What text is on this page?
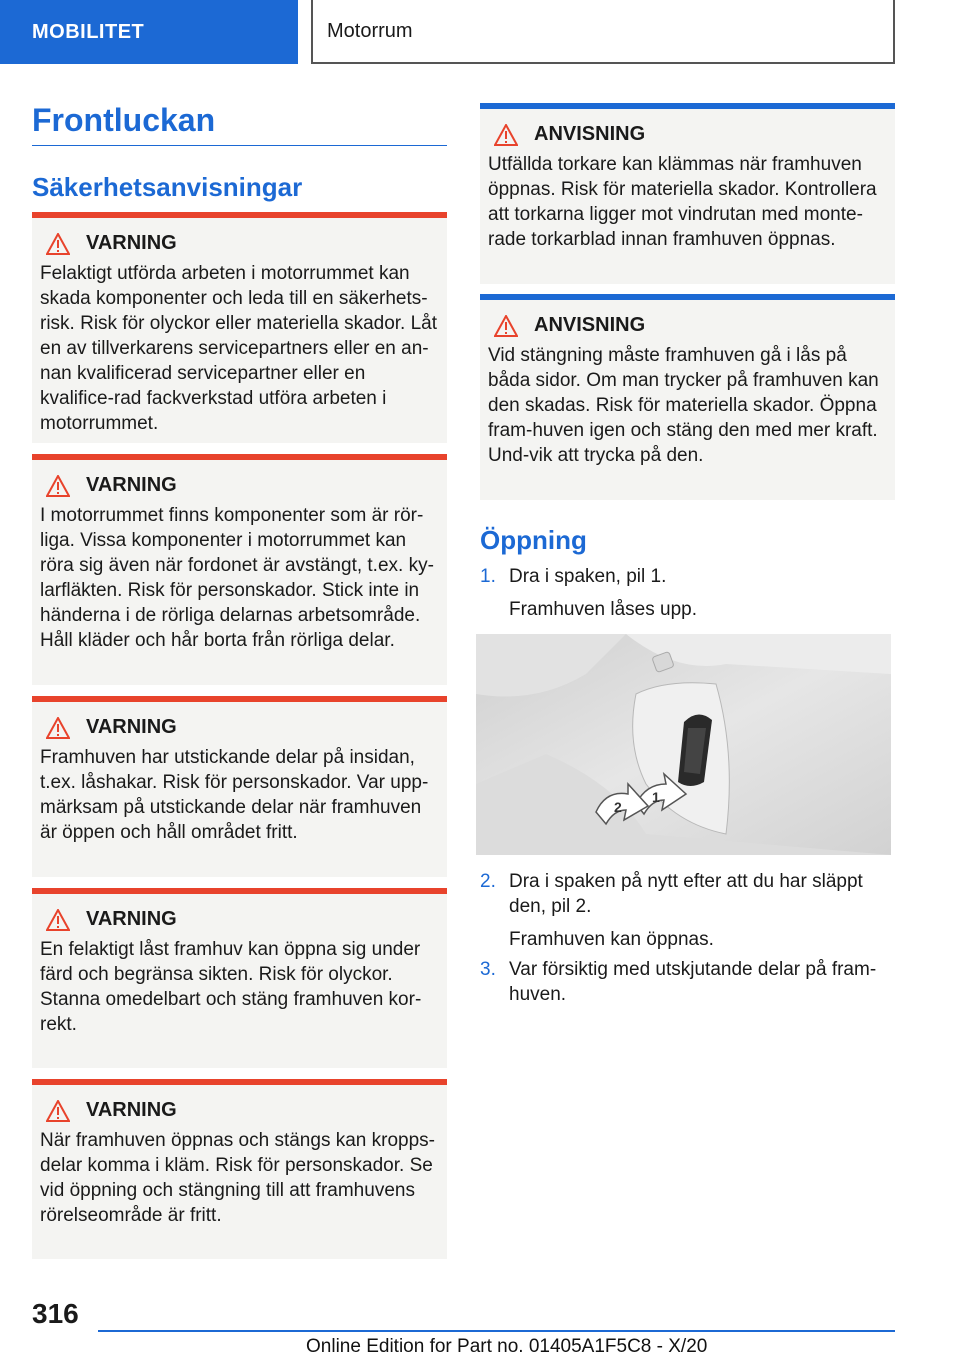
MOBILITET	Motorrum
Frontluckan
Säkerhetsanvisningar
VARNING
Felaktigt utförda arbeten i motorrummet kan skada komponenter och leda till en säkerhets-risk. Risk för olyckor eller materiella skador. Låt en av tillverkarens servicepartners eller en an-nan kvalificerad servicepartner eller en kvalifice-rad fackverkstad utföra arbeten i motorrummet.
VARNING
I motorrummet finns komponenter som är rör-liga. Vissa komponenter i motorrummet kan röra sig även när fordonet är avstängt, t.ex. ky-larfläkten. Risk för personskador. Stick inte in händerna i de rörliga delarnas arbetsområde. Håll kläder och hår borta från rörliga delar.
VARNING
Framhuven har utstickande delar på insidan, t.ex. låshakar. Risk för personskador. Var upp-märksam på utstickande delar när framhuven är öppen och håll området fritt.
VARNING
En felaktigt låst framhuv kan öppna sig under färd och begränsa sikten. Risk för olyckor. Stanna omedelbart och stäng framhuven kor-rekt.
VARNING
När framhuven öppnas och stängs kan kropps-delar komma i kläm. Risk för personskador. Se vid öppning och stängning till att framhuvens rörelseområde är fritt.
ANVISNING
Utfällda torkare kan klämmas när framhuven öppnas. Risk för materiella skador. Kontrollera att torkarna ligger mot vindrutan med monte-rade torkarblad innan framhuven öppnas.
ANVISNING
Vid stängning måste framhuven gå i lås på båda sidor. Om man trycker på framhuven kan den skadas. Risk för materiella skador. Öppna fram-huven igen och stäng den med mer kraft. Und-vik att trycka på den.
Öppning
1. Dra i spaken, pil 1.
Framhuven låses upp.
1
2
2. Dra i spaken på nytt efter att du har släppt den, pil 2.
Framhuven kan öppnas.
3. Var försiktig med utskjutande delar på fram-huven.
316
Online Edition for Part no. 01405A1F5C8 - X/20
